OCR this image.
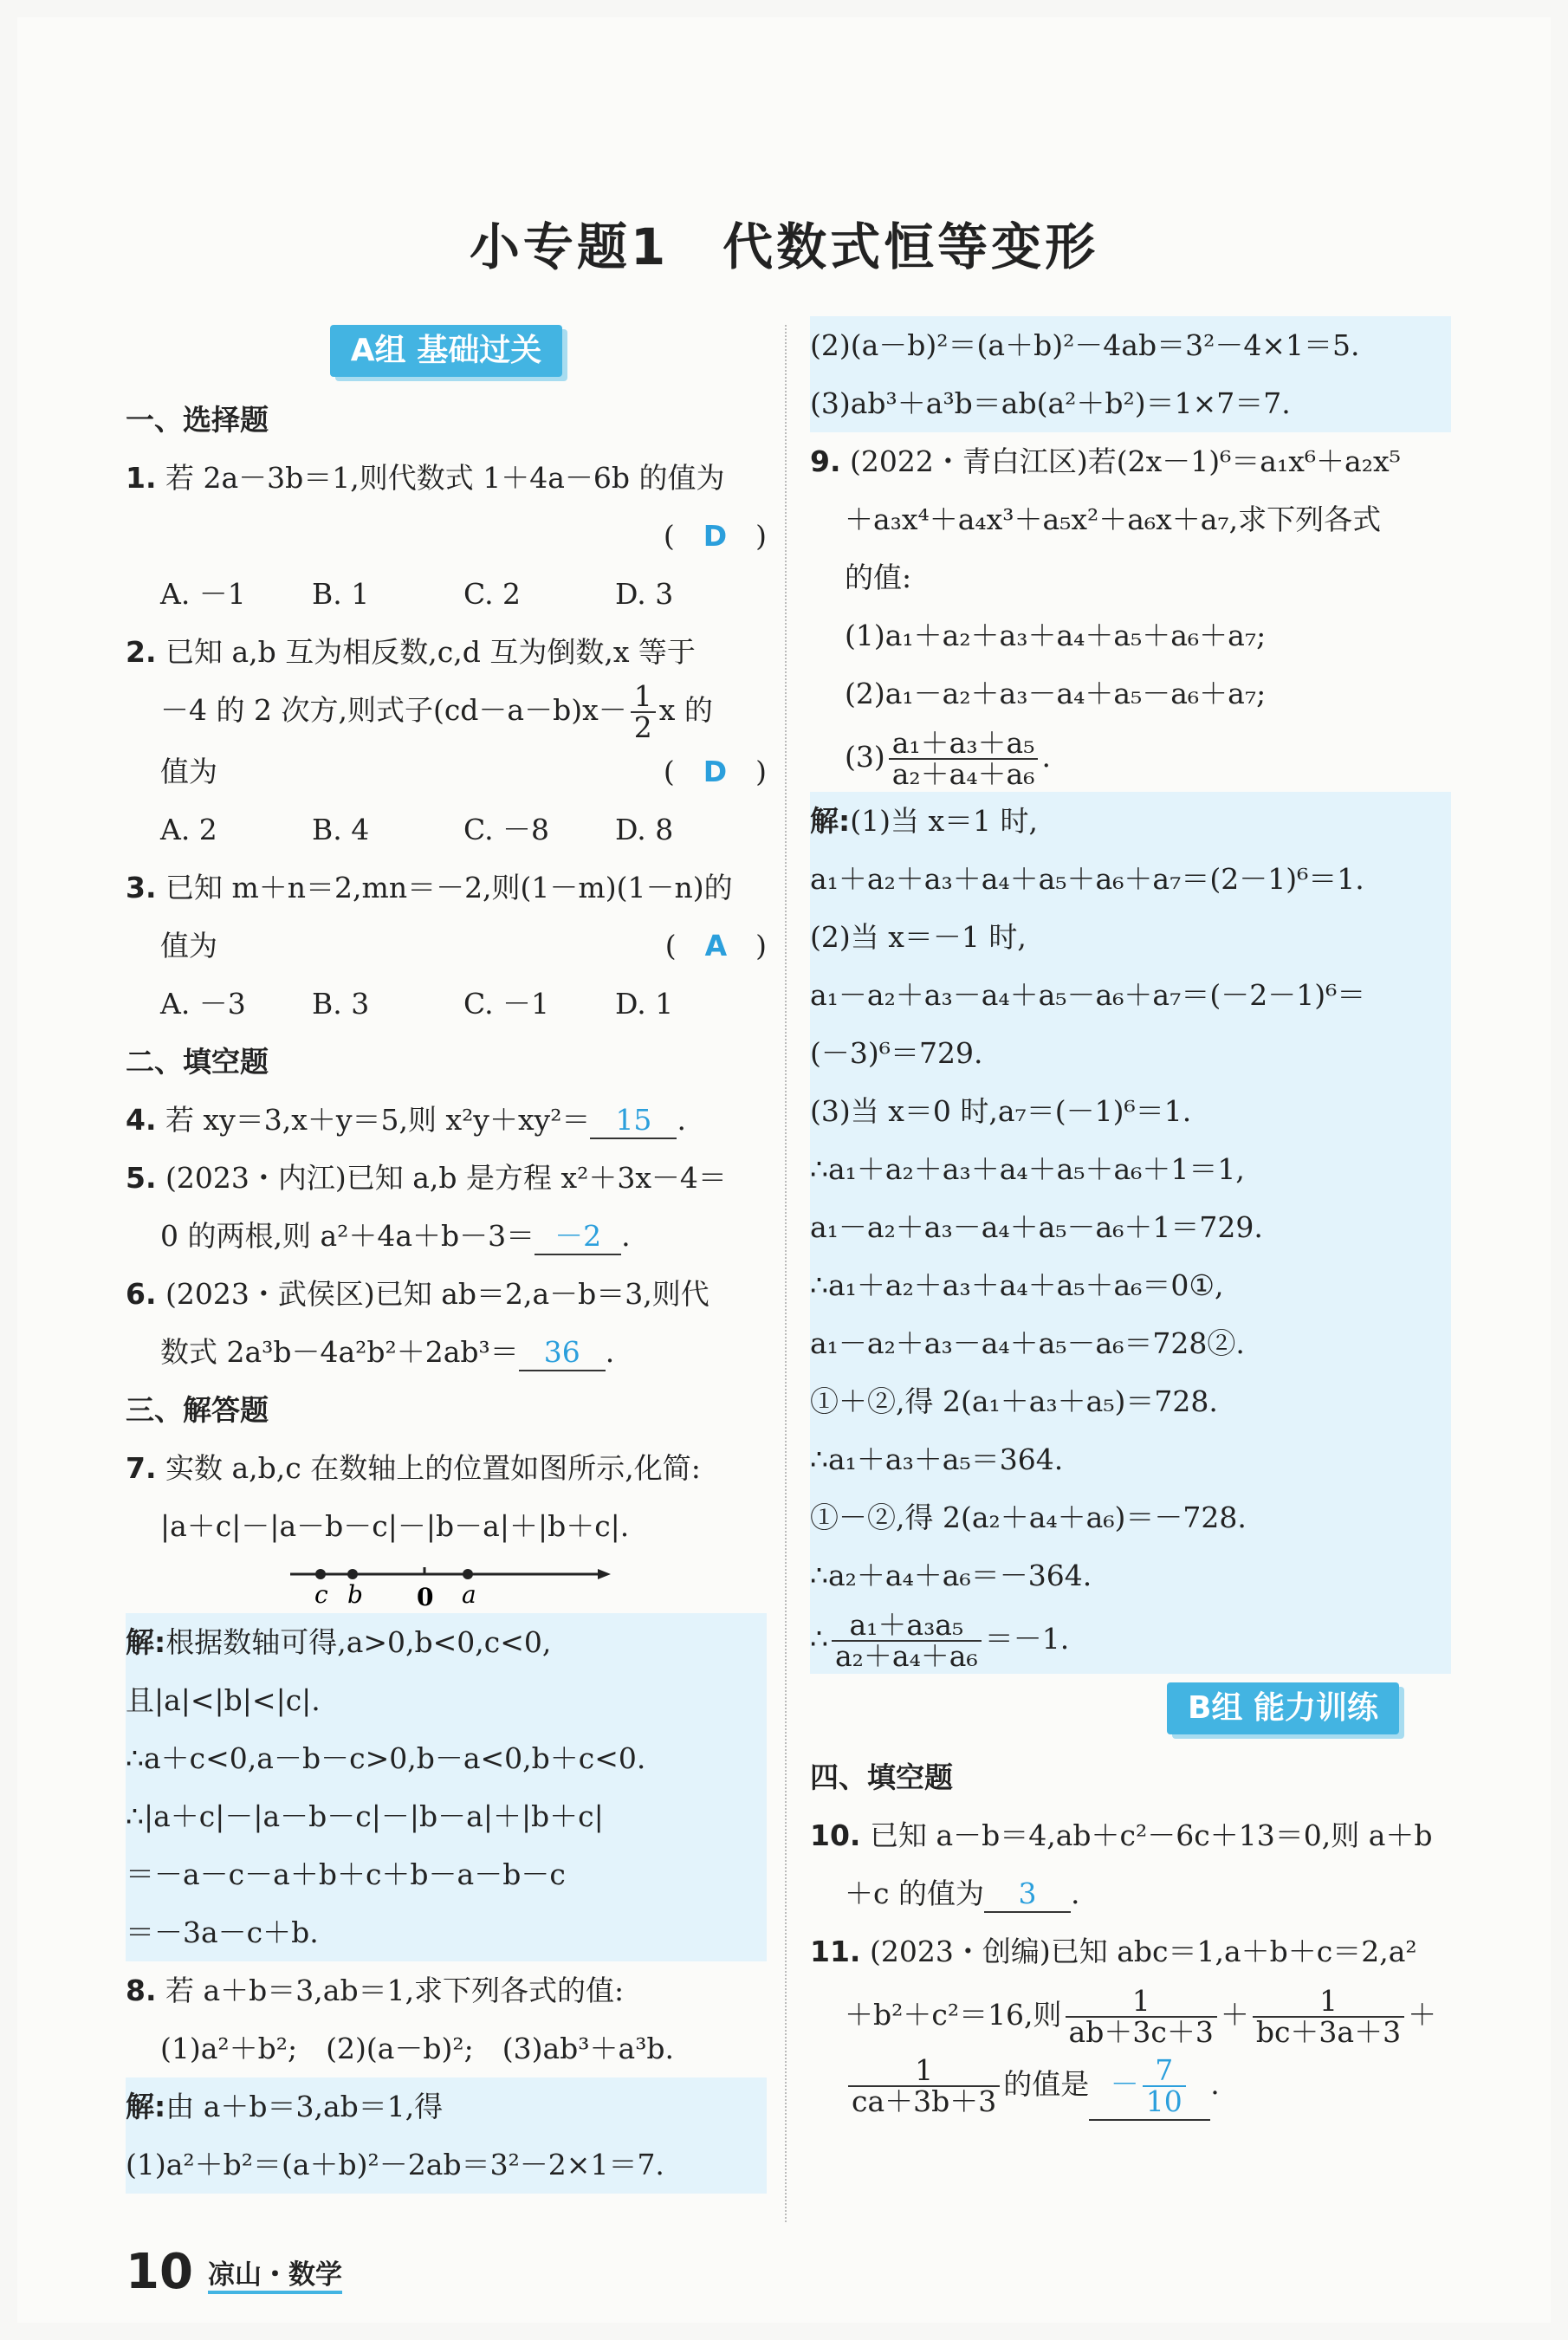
小专题1　代数式恒等变形
A组 基础过关
一、选择题
1. 若 2a－3b＝1,则代数式 1＋4a－6b 的值为
(　D　)

A. －1	B. 1	C. 2	D. 3
2. 已知 a,b 互为相反数,c,d 互为倒数,x 等于
－4 的 2 次方,则式子$(cd-a-b)x- \frac{1}{2}$ x 的
值为	(　D　)
A. 2	B. 4	C. －8	D. 8
3. 已知 m＋n＝2,mn＝－2,则(1－m)(1－n)的
值为	(　A　)
A. －3	B. 3	C. －1	D. 1
二、填空题
4. 若 xy＝3,x＋y＝5,则 x²y＋xy²＝ 15 .
5. (2023・内江)已知 a,b 是方程 x²＋3x－4＝
0 的两根,则 a²＋4a＋b－3＝ －2 .
6. (2023・武侯区)已知 ab＝2,a－b＝3,则代
数式 2a³b－4a²b²＋2ab³＝ 36 .
三、解答题
7. 实数 a,b,c 在数轴上的位置如图所示,化简:
|a＋c|－|a－b－c|－|b－a|＋|b＋c|.
c b 0 a
解:根据数轴可得,a>0,b<0,c<0,
且|a|<|b|<|c|.
∴a＋c<0,a－b－c>0,b－a<0,b＋c<0.
∴|a＋c|－|a－b－c|－|b－a|＋|b＋c|
＝－a－c－a＋b＋c＋b－a－b－c
＝－3a－c＋b.
8. 若 a＋b＝3,ab＝1,求下列各式的值:
(1)a²＋b²;　(2)(a－b)²;　(3)ab³＋a³b.
解:由 a＋b＝3,ab＝1,得
(1)a²＋b²＝(a＋b)²－2ab＝3²－2×1＝7.
(2)(a－b)²＝(a＋b)²－4ab＝3²－4×1＝5.
(3)ab³＋a³b＝ab(a²＋b²)＝1×7＝7.
9. (2022・青白江区)若(2x－1)⁶＝a₁x⁶＋a₂x⁵
＋a₃x⁴＋a₄x³＋a₅x²＋a₆x＋a₇,求下列各式
的值:
(1)a₁＋a₂＋a₃＋a₄＋a₅＋a₆＋a₇;
(2)a₁－a₂＋a₃－a₄＋a₅－a₆＋a₇;
$(3) \frac{\text{a₁＋a₃＋a₅}}{\text{a₂＋a₄＋a₆}}$ .
解:(1)当 x＝1 时,
a₁＋a₂＋a₃＋a₄＋a₅＋a₆＋a₇＝(2－1)⁶＝1.
(2)当 x＝－1 时,
a₁－a₂＋a₃－a₄＋a₅－a₆＋a₇＝(－2－1)⁶＝
(－3)⁶＝729.
(3)当 x＝0 时,a₇＝(－1)⁶＝1.
∴a₁＋a₂＋a₃＋a₄＋a₅＋a₆＋1＝1,
a₁－a₂＋a₃－a₄＋a₅－a₆＋1＝729.
∴a₁＋a₂＋a₃＋a₄＋a₅＋a₆＝0①,
a₁－a₂＋a₃－a₄＋a₅－a₆＝728②.
①＋②,得 2(a₁＋a₃＋a₅)＝728.
∴a₁＋a₃＋a₅＝364.
①－②,得 2(a₂＋a₄＋a₆)＝－728.
∴a₂＋a₄＋a₆＝－364.
∴ $\frac{\text{a₁＋a₃a₅}}{\text{a₂＋a₄＋a₆}} =-1$.
B组 能力训练
四、填空题
10. 已知 a－b＝4,ab＋c²－6c＋13＝0,则 a＋b
＋c 的值为 3 .
11. (2023・创编)已知 abc＝1,a＋b＋c＝2,a²
＋b²＋c²＝16,则 $\frac{1}{ab+3c+3} + \frac{1}{bc+3a+3}$ ＋
$\frac{1}{ca+3b+3}$ 的值是 － $\frac{7}{10}$ .
10 凉山・数学
